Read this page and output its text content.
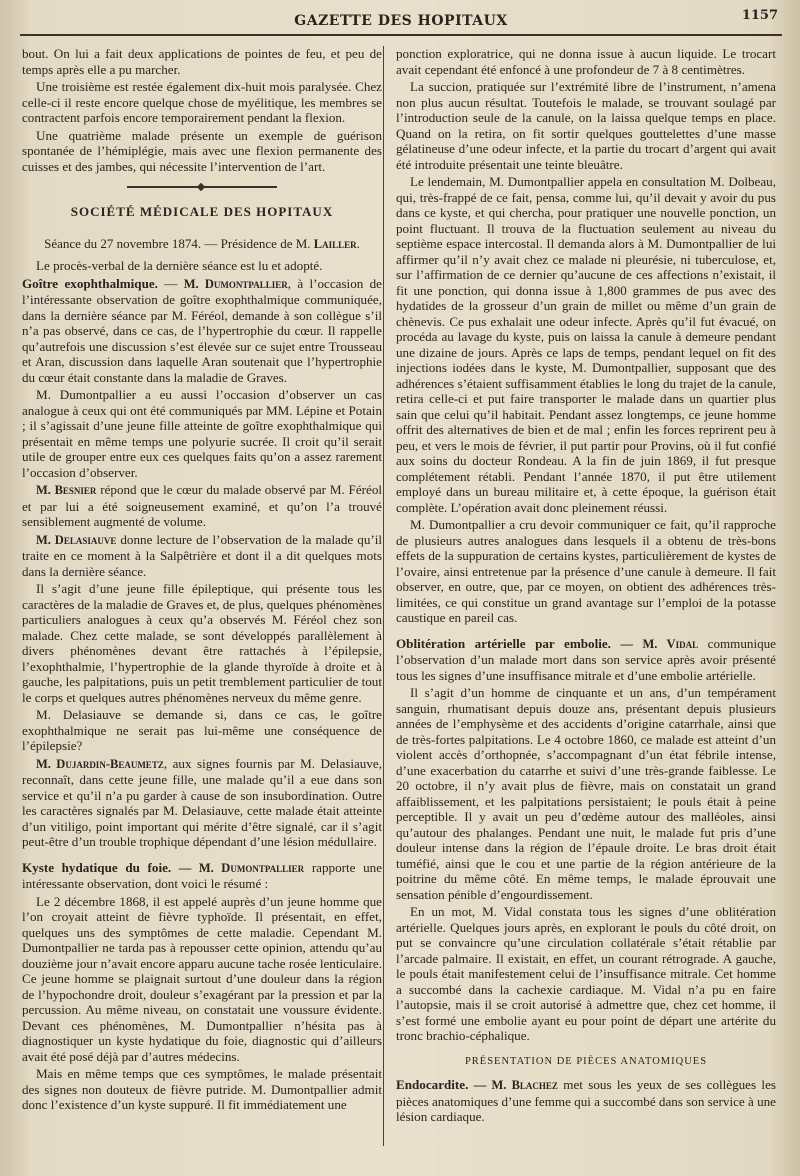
GAZETTE DES HOPITAUX	1157

bout. On lui a fait deux applications de pointes de feu, et peu de temps après elle a pu marcher.

Une troisième est restée également dix-huit mois paralysée. Chez celle-ci il reste encore quelque chose de myélitique, les membres se contractent parfois encore temporairement pendant la flexion.

Une quatrième malade présente un exemple de guérison spontanée de l’hémiplégie, mais avec une flexion permanente des cuisses et des jambes, qui nécessite l’intervention de l’art.

SOCIÉTÉ MÉDICALE DES HOPITAUX
Séance du 27 novembre 1874. — Présidence de M. Lailler.

Le procès-verbal de la dernière séance est lu et adopté.

Goître exophthalmique. — M. Dumontpallier, à l’occasion de l’intéressante observation de goître exophthalmique communiquée, dans la dernière séance par M. Féréol, demande à son collègue s’il n’a pas observé, dans ce cas, de l’hypertrophie du cœur. Il rappelle qu’autrefois une discussion s’est élevée sur ce sujet entre Trousseau et Aran, discussion dans laquelle Aran soutenait que l’hypertrophie du cœur était constante dans la maladie de Graves.

M. Dumontpallier a eu aussi l’occasion d’observer un cas analogue à ceux qui ont été communiqués par MM. Lépine et Potain ; il s’agissait d’une jeune fille atteinte de goître exophthalmique qui présentait en même temps une polyurie sucrée. Il croit qu’il serait utile de grouper entre eux ces quelques faits qu’on a assez rarement l’occasion d’observer.

M. Besnier répond que le cœur du malade observé par M. Féréol et par lui a été soigneusement examiné, et qu’on l’a trouvé sensiblement augmenté de volume.

M. Delasiauve donne lecture de l’observation de la malade qu’il traite en ce moment à la Salpêtrière et dont il a dit quelques mots dans la dernière séance.

Il s’agit d’une jeune fille épileptique, qui présente tous les caractères de la maladie de Graves et, de plus, quelques phénomènes particuliers analogues à ceux qu’a observés M. Féréol chez son malade. Chez cette malade, se sont développés parallèlement à divers phénomènes devant être rattachés à l’épilepsie, l’exophthalmie, l’hypertrophie de la glande thyroïde à droite et à gauche, les palpitations, puis un petit tremblement particulier de tout le corps et quelques autres phénomènes nerveux du même genre.

M. Delasiauve se demande si, dans ce cas, le goître exophthalmique ne serait pas lui-même une conséquence de l’épilepsie?

M. Dujardin-Beaumetz, aux signes fournis par M. Delasiauve, reconnaît, dans cette jeune fille, une malade qu’il a eue dans son service et qu’il n’a pu garder à cause de son insubordination. Outre les caractères signalés par M. Delasiauve, cette malade était atteinte d’un vitiligo, point important qui mérite d’être signalé, car il s’agit peut-être d’un trouble trophique dépendant d’une lésion médullaire.

Kyste hydatique du foie. — M. Dumontpallier rapporte une intéressante observation, dont voici le résumé :

Le 2 décembre 1868, il est appelé auprès d’un jeune homme que l’on croyait atteint de fièvre typhoïde. Il présentait, en effet, quelques uns des symptômes de cette maladie. Cependant M. Dumontpallier ne tarda pas à repousser cette opinion, attendu qu’au douzième jour n’avait encore apparu aucune tache rosée lenticulaire. Ce jeune homme se plaignait surtout d’une douleur dans la région de l’hypochondre droit, douleur s’exagérant par la pression et par la percussion. Au même niveau, on constatait une voussure évidente. Devant ces phénomènes, M. Dumontpallier n’hésita pas à diagnostiquer un kyste hydatique du foie, diagnostic qui d’ailleurs avait été posé déjà par d’autres médecins.

Mais en même temps que ces symptômes, le malade présentait des signes non douteux de fièvre putride. M. Dumontpallier admit donc l’existence d’un kyste suppuré. Il fit immédiatement une

ponction exploratrice, qui ne donna issue à aucun liquide. Le trocart avait cependant été enfoncé à une profondeur de 7 à 8 centimètres.

La succion, pratiquée sur l’extrémité libre de l’instrument, n’amena non plus aucun résultat. Toutefois le malade, se trouvant soulagé par l’introduction seule de la canule, on la laissa quelque temps en place. Quand on la retira, on fit sortir quelques gouttelettes d’une masse gélatineuse d’une odeur infecte, et la partie du trocart d’argent qui avait été introduite présentait une teinte bleuâtre.

Le lendemain, M. Dumontpallier appela en consultation M. Dolbeau, qui, très-frappé de ce fait, pensa, comme lui, qu’il devait y avoir du pus dans ce kyste, et qui chercha, pour pratiquer une nouvelle ponction, un point fluctuant. Il trouva de la fluctuation seulement au niveau du septième espace intercostal. Il demanda alors à M. Dumontpallier de lui affirmer qu’il n’y avait chez ce malade ni pleurésie, ni tuberculose, et, sur l’affirmation de ce dernier qu’aucune de ces affections n’existait, il fit une ponction, qui donna issue à 1,800 grammes de pus avec des hydatides de la grosseur d’un grain de millet ou même d’un grain de chènevis. Ce pus exhalait une odeur infecte. Après qu’il fut évacué, on procéda au lavage du kyste, puis on laissa la canule à demeure pendant une dizaine de jours. Après ce laps de temps, pendant lequel on fit des injections iodées dans le kyste, M. Dumontpallier, supposant que des adhérences s’étaient suffisamment établies le long du trajet de la canule, retira celle-ci et put faire transporter le malade dans un quartier plus sain que celui qu’il habitait. Pendant assez longtemps, ce jeune homme offrit des alternatives de bien et de mal ; enfin les forces reprirent peu à peu, et vers le mois de février, il put partir pour Provins, où il fut confié aux soins du docteur Rondeau. A la fin de juin 1869, il fut presque complétement rétabli. Pendant l’année 1870, il put être utilement employé dans un bureau militaire et, à cette époque, la guérison était complète. L’opération avait donc pleinement réussi.

M. Dumontpallier a cru devoir communiquer ce fait, qu’il rapproche de plusieurs autres analogues dans lesquels il a obtenu de très-bons effets de la suppuration de certains kystes, particulièrement de kystes de l’ovaire, ainsi entretenue par la présence d’une canule à demeure. Il fait observer, en outre, que, par ce moyen, on obtient des adhérences très-limitées, ce qui constitue un grand avantage sur l’emploi de la potasse caustique en pareil cas.

Oblitération artérielle par embolie. — M. Vidal communique l’observation d’un malade mort dans son service après avoir présenté tous les signes d’une insuffisance mitrale et d’une embolie artérielle.

Il s’agit d’un homme de cinquante et un ans, d’un tempérament sanguin, rhumatisant depuis douze ans, présentant depuis plusieurs années de l’emphysème et des accidents d’origine catarrhale, ainsi que de très-fortes palpitations. Le 4 octobre 1860, ce malade est atteint d’un violent accès d’orthopnée, s’accompagnant d’un état fébrile intense, d’une exacerbation du catarrhe et suivi d’une très-grande faiblesse. Le 20 octobre, il n’y avait plus de fièvre, mais on constatait un grand affaiblissement, et les palpitations persistaient; le pouls était à peine perceptible. Il y avait un peu d’œdème autour des malléoles, ainsi qu’autour des phalanges. Pendant une nuit, le malade fut pris d’une douleur intense dans la région de l’épaule droite. Le bras droit était tuméfié, ainsi que le cou et une partie de la région antérieure de la poitrine du même côté. En même temps, le malade éprouvait une sensation pénible d’engourdissement.

En un mot, M. Vidal constata tous les signes d’une oblitération artérielle. Quelques jours après, en explorant le pouls du côté droit, on put se convaincre qu’une circulation collatérale s’était rétablie par l’arcade palmaire. Il existait, en effet, un courant rétrograde. A gauche, le pouls était manifestement celui de l’insuffisance mitrale. Cet homme a succombé dans la cachexie cardiaque. M. Vidal n’a pu en faire l’autopsie, mais il se croit autorisé à admettre que, chez cet homme, il s’est formé une embolie ayant eu pour point de départ une artérite du tronc brachio-céphalique.

PRÉSENTATION DE PIÈCES ANATOMIQUES

Endocardite. — M. Blachez met sous les yeux de ses collègues les pièces anatomiques d’une femme qui a succombé dans son service à une lésion cardiaque.
